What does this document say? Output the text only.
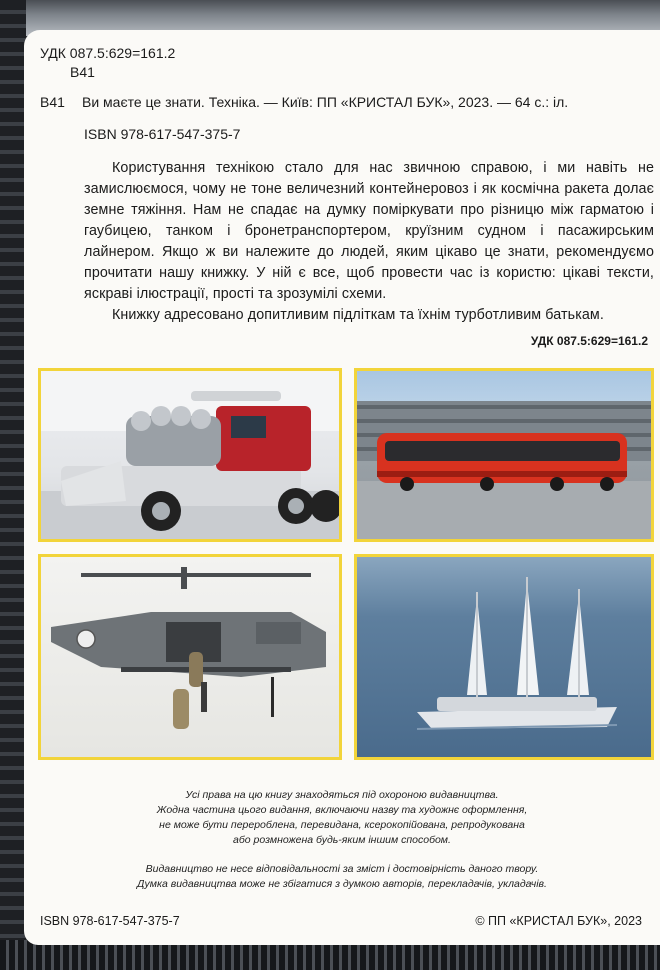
УДК 087.5:629=161.2
В41
В41 Ви маєте це знати. Техніка. — Київ: ПП «КРИСТАЛ БУК», 2023. — 64 с.: іл.
ISBN 978-617-547-375-7

Користування технікою стало для нас звичною справою, і ми навіть не замислюємося, чому не тоне величезний контейнеровоз і як космічна ракета долає земне тяжіння. Нам не спадає на думку поміркувати про різницю між гарматою і гаубицею, танком і бронетранспортером, круїзним судном і пасажирським лайнером. Якщо ж ви належите до людей, яким цікаво це знати, рекомендуємо прочитати нашу книжку. У ній є все, щоб провести час із користю: цікаві тексти, яскраві ілюстрації, прості та зрозумілі схеми.

Книжку адресовано допитливим підліткам та їхнім турботливим батькам.

УДК 087.5:629=161.2
Усі права на цю книгу знаходяться під охороною видавництва.
Жодна частина цього видання, включаючи назву та художнє оформлення,
не може бути перероблена, перевидана, ксерокопійована, репродукована
або розмножена будь-яким іншим способом.
Видавництво не несе відповідальності за зміст і достовірність даного твору.
Думка видавництва може не збігатися з думкою авторів, перекладачів, укладачів.
ISBN 978-617-547-375-7	© ПП «КРИСТАЛ БУК», 2023
